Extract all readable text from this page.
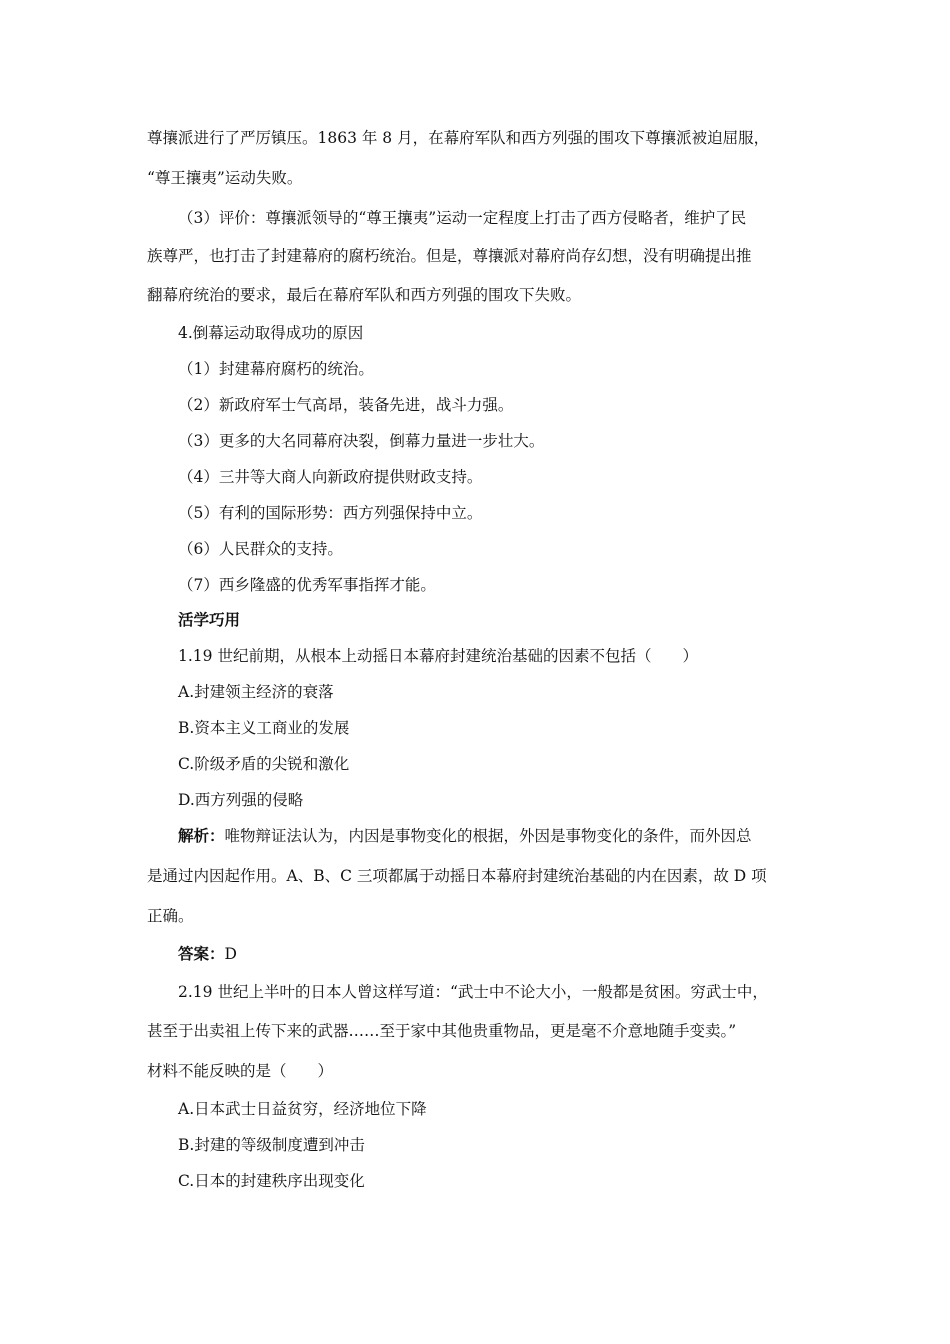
尊攘派进行了严厉镇压。1863 年 8 月，在幕府军队和西方列强的围攻下尊攘派被迫屈服，
“尊王攘夷”运动失败。
（3）评价：尊攘派领导的“尊王攘夷”运动一定程度上打击了西方侵略者，维护了民
族尊严，也打击了封建幕府的腐朽统治。但是，尊攘派对幕府尚存幻想，没有明确提出推
翻幕府统治的要求，最后在幕府军队和西方列强的围攻下失败。
4.倒幕运动取得成功的原因
（1）封建幕府腐朽的统治。
（2）新政府军士气高昂，装备先进，战斗力强。
（3）更多的大名同幕府决裂，倒幕力量进一步壮大。
（4）三井等大商人向新政府提供财政支持。
（5）有利的国际形势：西方列强保持中立。
（6）人民群众的支持。
（7）西乡隆盛的优秀军事指挥才能。
活学巧用
1.19 世纪前期，从根本上动摇日本幕府封建统治基础的因素不包括（　　）
A.封建领主经济的衰落
B.资本主义工商业的发展
C.阶级矛盾的尖锐和激化
D.西方列强的侵略
解析：唯物辩证法认为，内因是事物变化的根据，外因是事物变化的条件，而外因总
是通过内因起作用。A、B、C 三项都属于动摇日本幕府封建统治基础的内在因素，故 D 项
正确。
答案：D
2.19 世纪上半叶的日本人曾这样写道：“武士中不论大小，一般都是贫困。穷武士中，
甚至于出卖祖上传下来的武器……至于家中其他贵重物品，更是毫不介意地随手变卖。”
材料不能反映的是（　　）
A.日本武士日益贫穷，经济地位下降
B.封建的等级制度遭到冲击
C.日本的封建秩序出现变化
